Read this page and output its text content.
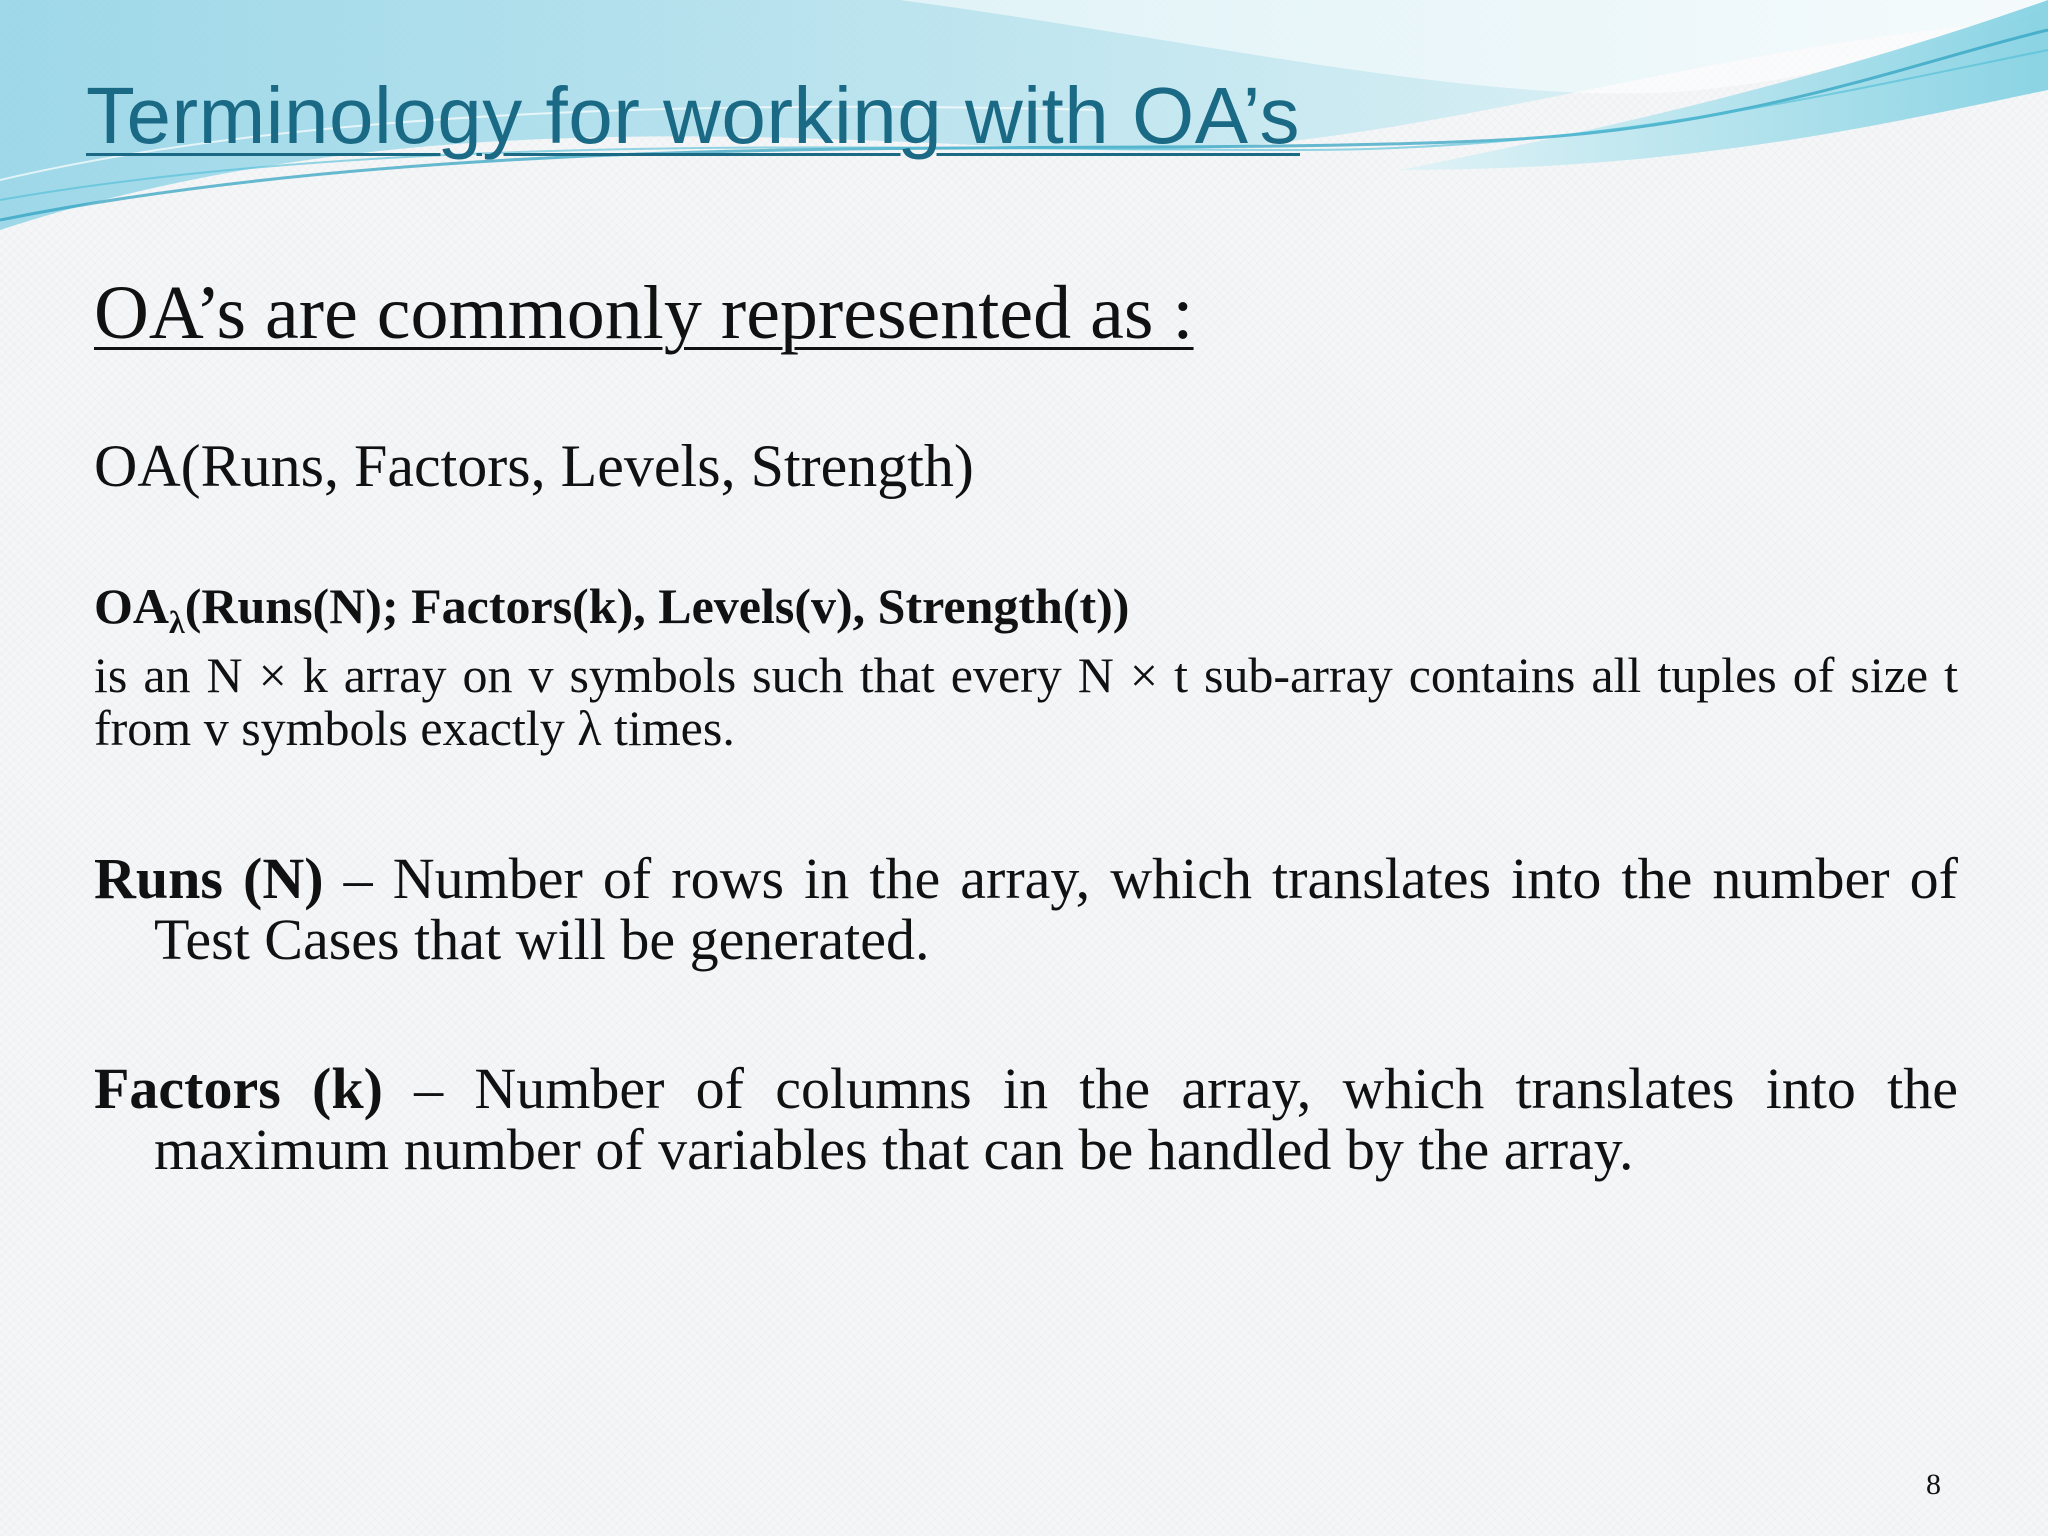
Terminology for working with OA’s
OA’s are commonly represented as :
OA(Runs, Factors, Levels, Strength)
$OA_\lambda(Runs(N)$; Factors(k), Levels(v), Strength(t))
is an N × k array on v symbols such that every N × t sub-array contains all tuples of size t from v symbols exactly λ times.
Runs (N) – Number of rows in the array, which translates into the number of Test Cases that will be generated.
Factors (k) – Number of columns in the array, which translates into the maximum number of variables that can be handled by the array.
8
